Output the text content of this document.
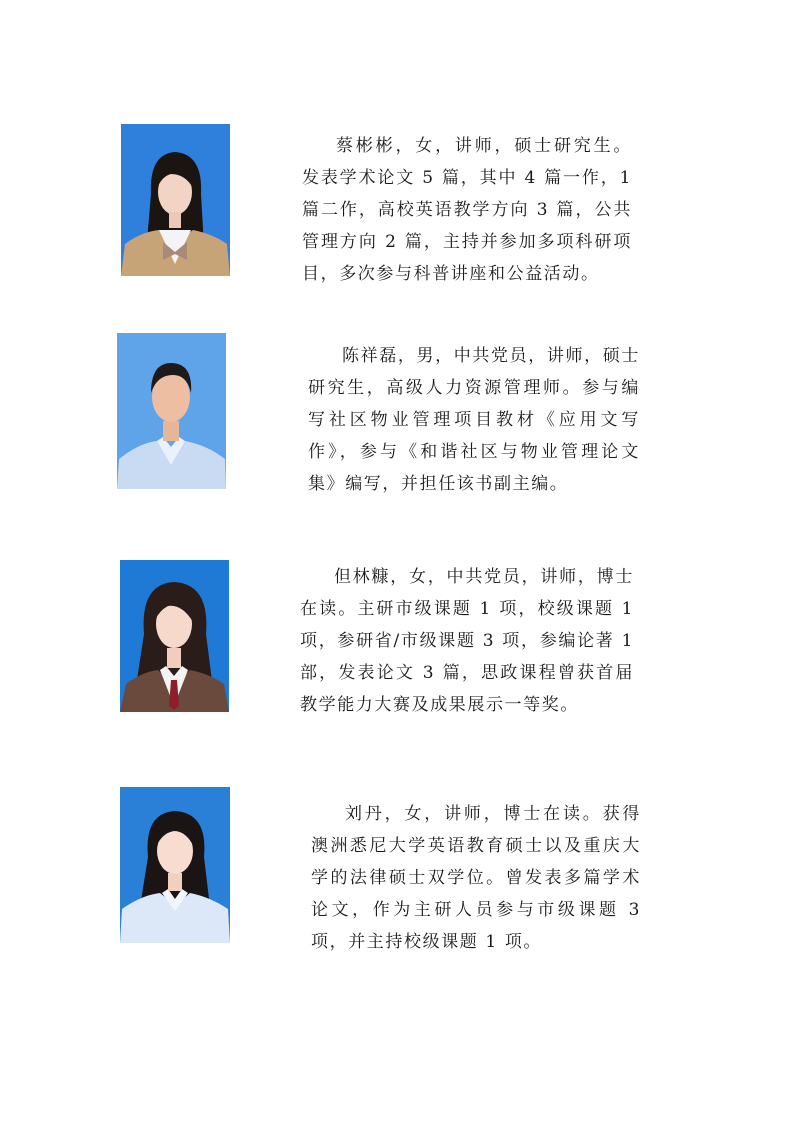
蔡彬彬，女，讲师，硕士研究生。发表学术论文 5 篇，其中 4 篇一作，1 篇二作，高校英语教学方向 3 篇，公共管理方向 2 篇，主持并参加多项科研项目，多次参与科普讲座和公益活动。

陈祥磊，男，中共党员，讲师，硕士研究生，高级人力资源管理师。参与编写社区物业管理项目教材《应用文写作》，参与《和谐社区与物业管理论文集》编写，并担任该书副主编。

但林糠，女，中共党员，讲师，博士在读。主研市级课题 1 项，校级课题 1 项，参研省/市级课题 3 项，参编论著 1 部，发表论文 3 篇，思政课程曾获首届教学能力大赛及成果展示一等奖。

刘丹，女，讲师，博士在读。获得澳洲悉尼大学英语教育硕士以及重庆大学的法律硕士双学位。曾发表多篇学术论文，作为主研人员参与市级课题 3 项，并主持校级课题 1 项。
